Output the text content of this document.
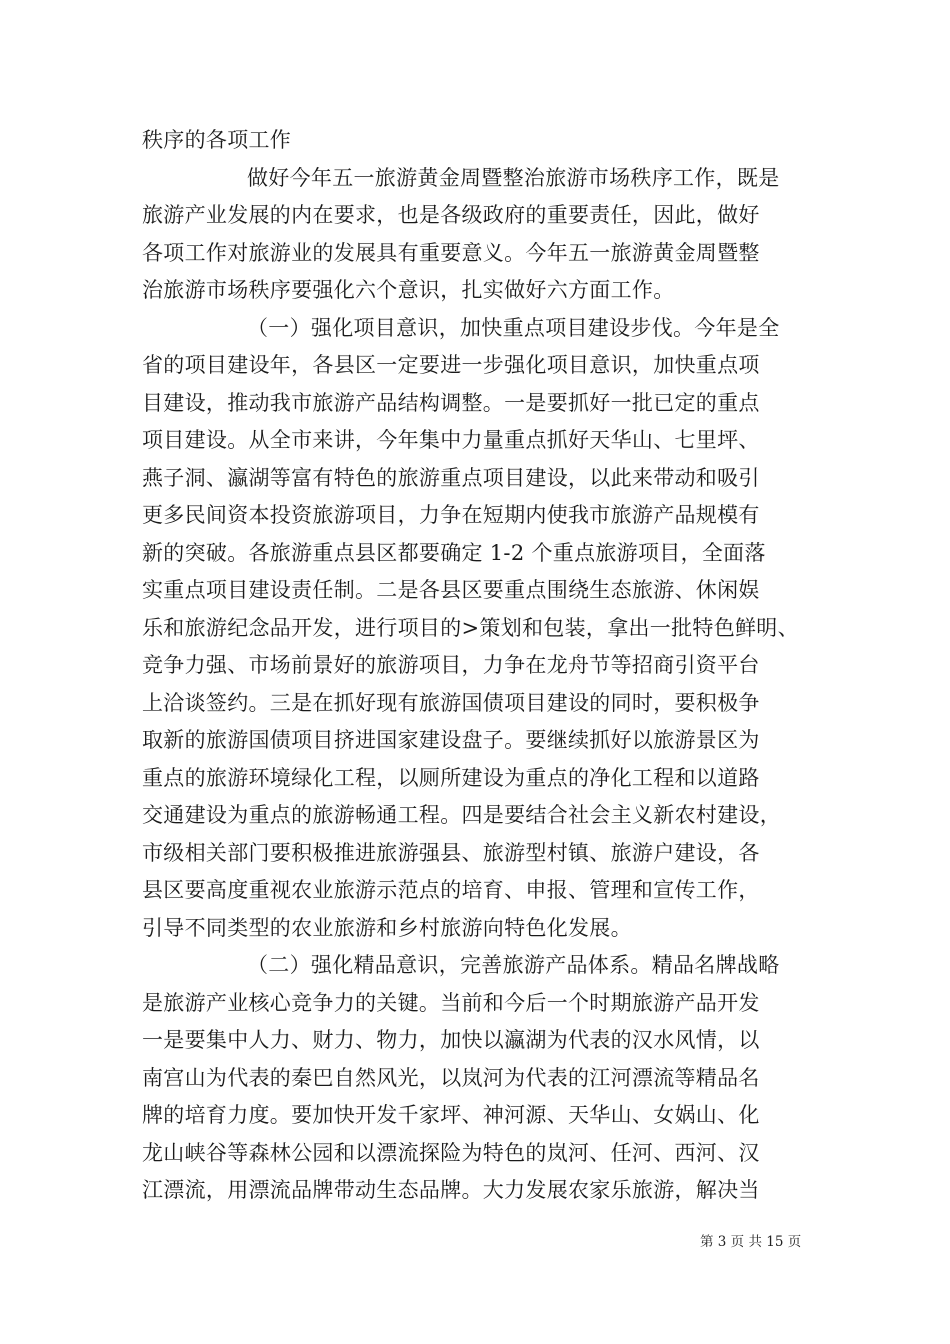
秩序的各项工作
做好今年五一旅游黄金周暨整治旅游市场秩序工作，既是
旅游产业发展的内在要求，也是各级政府的重要责任，因此，做好
各项工作对旅游业的发展具有重要意义。今年五一旅游黄金周暨整
治旅游市场秩序要强化六个意识，扎实做好六方面工作。
（一）强化项目意识，加快重点项目建设步伐。今年是全
省的项目建设年，各县区一定要进一步强化项目意识，加快重点项
目建设，推动我市旅游产品结构调整。一是要抓好一批已定的重点
项目建设。从全市来讲，今年集中力量重点抓好天华山、七里坪、
燕子洞、瀛湖等富有特色的旅游重点项目建设，以此来带动和吸引
更多民间资本投资旅游项目，力争在短期内使我市旅游产品规模有
新的突破。各旅游重点县区都要确定 1-2 个重点旅游项目，全面落
实重点项目建设责任制。二是各县区要重点围绕生态旅游、休闲娱
乐和旅游纪念品开发，进行项目的>策划和包装，拿出一批特色鲜明、
竞争力强、市场前景好的旅游项目，力争在龙舟节等招商引资平台
上洽谈签约。三是在抓好现有旅游国债项目建设的同时，要积极争
取新的旅游国债项目挤进国家建设盘子。要继续抓好以旅游景区为
重点的旅游环境绿化工程，以厕所建设为重点的净化工程和以道路
交通建设为重点的旅游畅通工程。四是要结合社会主义新农村建设，
市级相关部门要积极推进旅游强县、旅游型村镇、旅游户建设，各
县区要高度重视农业旅游示范点的培育、申报、管理和宣传工作，
引导不同类型的农业旅游和乡村旅游向特色化发展。
（二）强化精品意识，完善旅游产品体系。精品名牌战略
是旅游产业核心竞争力的关键。当前和今后一个时期旅游产品开发
一是要集中人力、财力、物力，加快以瀛湖为代表的汉水风情，以
南宫山为代表的秦巴自然风光，以岚河为代表的江河漂流等精品名
牌的培育力度。要加快开发千家坪、神河源、天华山、女娲山、化
龙山峡谷等森林公园和以漂流探险为特色的岚河、任河、西河、汉
江漂流，用漂流品牌带动生态品牌。大力发展农家乐旅游，解决当
第 3 页 共 15 页
